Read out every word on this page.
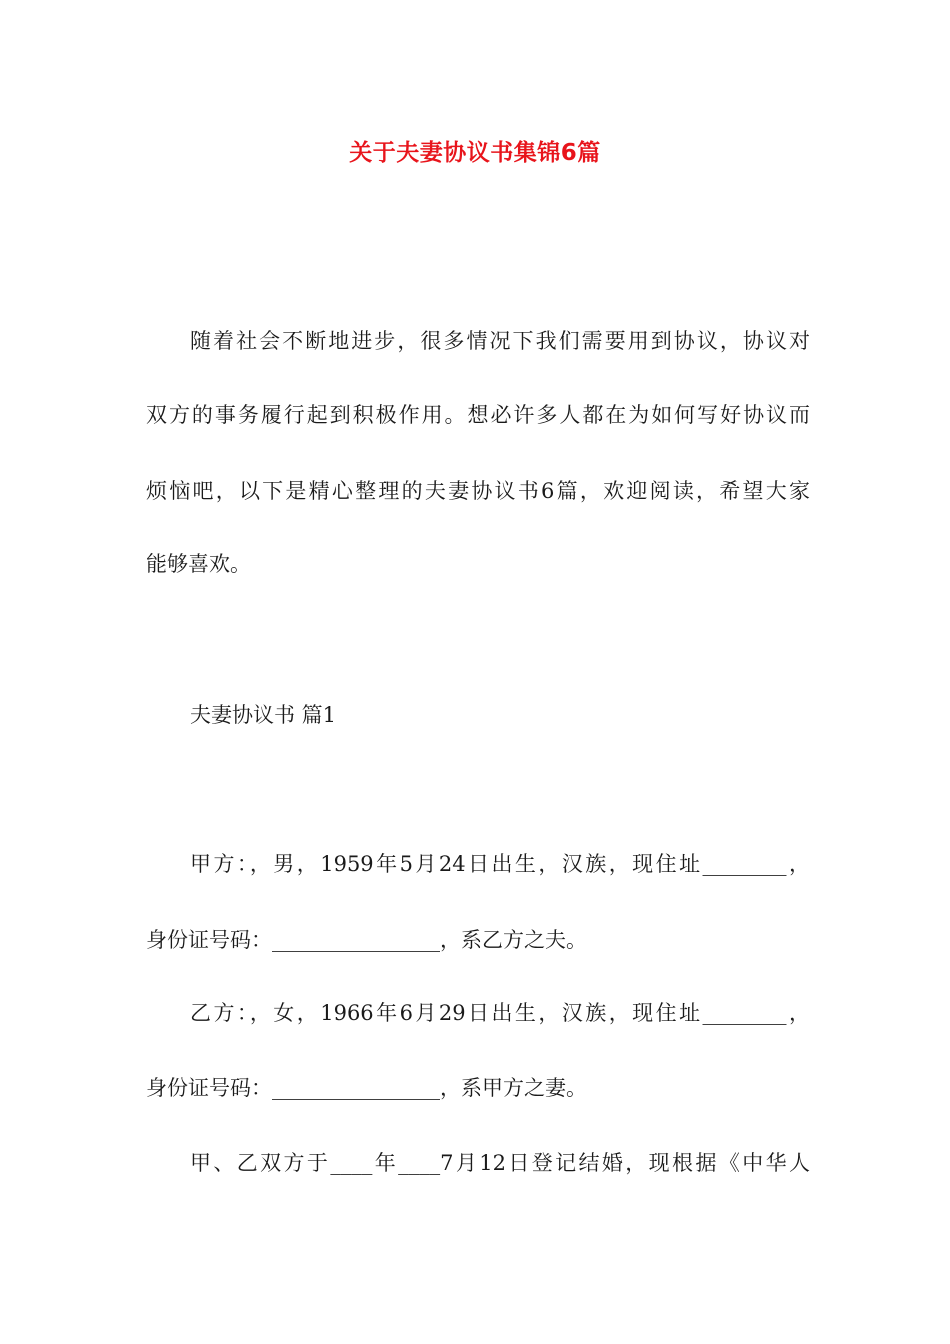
关于夫妻协议书集锦6篇
随着社会不断地进步，很多情况下我们需要用到协议，协议对
双方的事务履行起到积极作用。想必许多人都在为如何写好协议而
烦恼吧，以下是精心整理的夫妻协议书6篇，欢迎阅读，希望大家
能够喜欢。
夫妻协议书 篇1
甲方：，男，1959年5月24日出生，汉族，现住址________，
身份证号码：________________，系乙方之夫。
乙方：，女，1966年6月29日出生，汉族，现住址________，
身份证号码：________________，系甲方之妻。
甲、乙双方于____年____7月12日登记结婚，现根据《中华人
